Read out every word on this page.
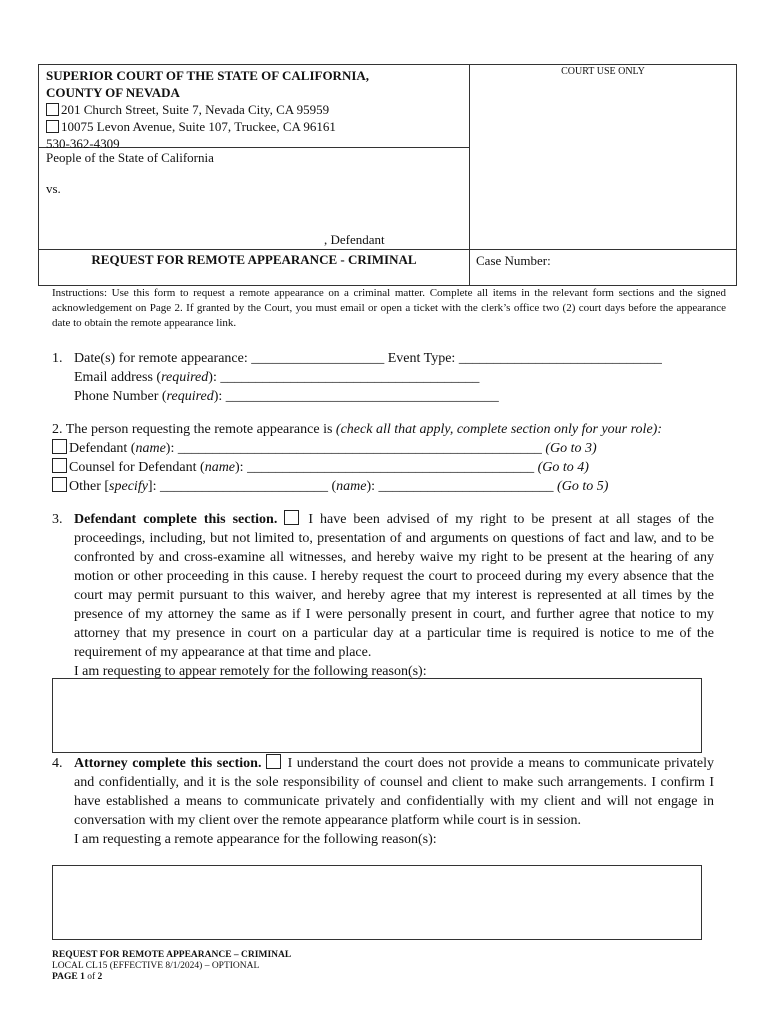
SUPERIOR COURT OF THE STATE OF CALIFORNIA,
COUNTY OF NEVADA
201 Church Street, Suite 7, Nevada City, CA 95959
10075 Levon Avenue, Suite 107, Truckee, CA 96161
530-362-4309
COURT USE ONLY
People of the State of California
vs.
, Defendant
REQUEST FOR REMOTE APPEARANCE - CRIMINAL	Case Number:
Instructions: Use this form to request a remote appearance on a criminal matter. Complete all items in the relevant form sections and the signed acknowledgement on Page 2. If granted by the Court, you must email or open a ticket with the clerk’s office two (2) court days before the appearance date to obtain the remote appearance link.
1. Date(s) for remote appearance: ___________________ Event Type: _____________________________
Email address (required): _____________________________________
Phone Number (required): _______________________________________
2. The person requesting the remote appearance is (check all that apply, complete section only for your role):
Defendant (name): ____________________________________________________ (Go to 3)
Counsel for Defendant (name): _________________________________________ (Go to 4)
Other [specify]: ________________________ (name): _________________________ (Go to 5)
3. Defendant complete this section. I have been advised of my right to be present at all stages of the proceedings, including, but not limited to, presentation of and arguments on questions of fact and law, and to be confronted by and cross-examine all witnesses, and hereby waive my right to be present at the hearing of any motion or other proceeding in this cause. I hereby request the court to proceed during my every absence that the court may permit pursuant to this waiver, and hereby agree that my interest is represented at all times by the presence of my attorney the same as if I were personally present in court, and further agree that notice to my attorney that my presence in court on a particular day at a particular time is required is notice to me of the requirement of my appearance at that time and place.
I am requesting to appear remotely for the following reason(s):
4. Attorney complete this section. I understand the court does not provide a means to communicate privately and confidentially, and it is the sole responsibility of counsel and client to make such arrangements. I confirm I have established a means to communicate privately and confidentially with my client and will not engage in conversation with my client over the remote appearance platform while court is in session.
I am requesting a remote appearance for the following reason(s):
REQUEST FOR REMOTE APPEARANCE – CRIMINAL
LOCAL CL15 (EFFECTIVE 8/1/2024) – OPTIONAL
PAGE 1 of 2
